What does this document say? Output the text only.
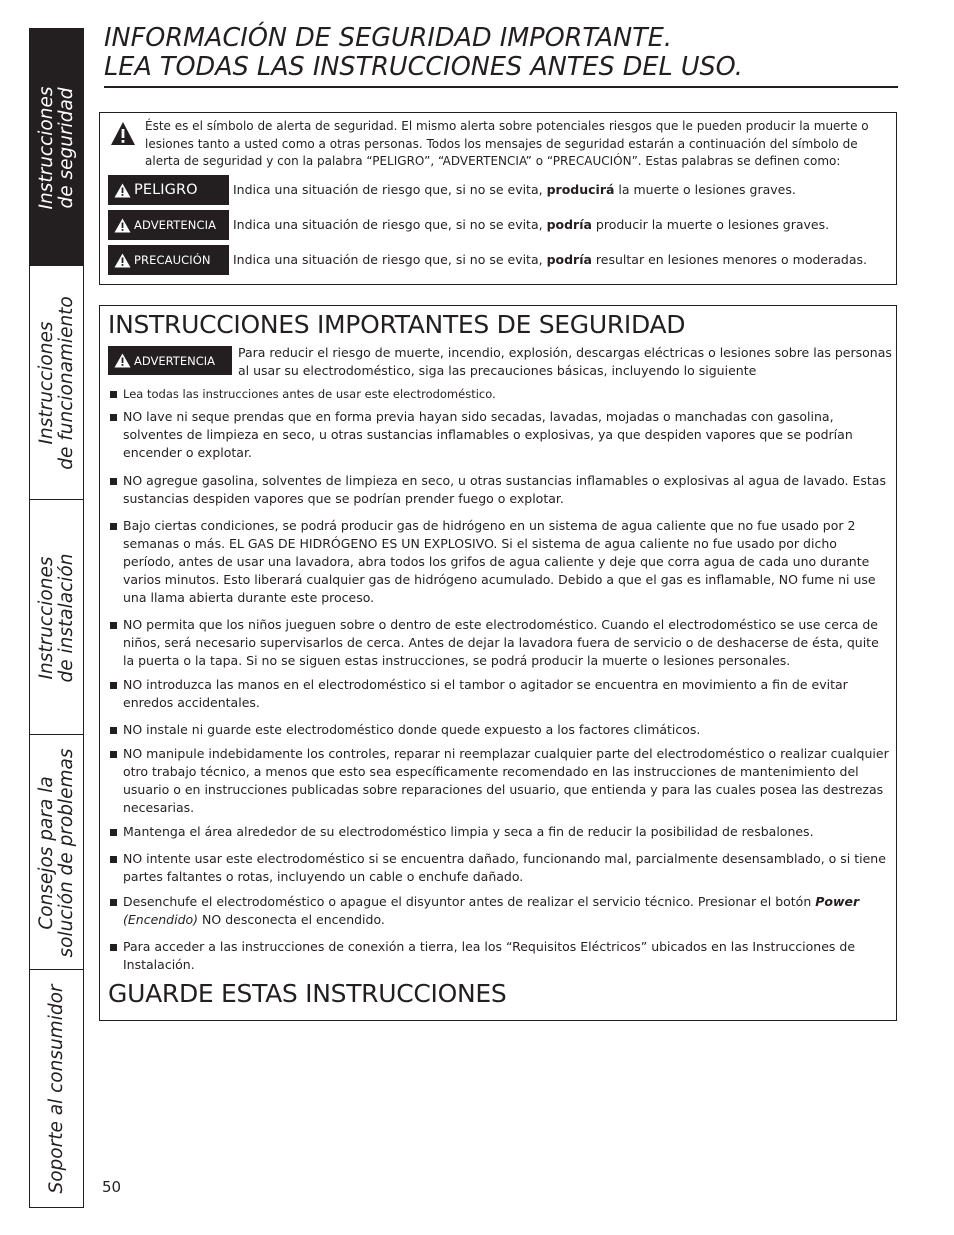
Instrucciones de seguridad
Instrucciones de funcionamiento
Instrucciones de instalación
Consejos para la solución de problemas
Soporte al consumidor
INFORMACIÓN DE SEGURIDAD IMPORTANTE.
LEA TODAS LAS INSTRUCCIONES ANTES DEL USO.
Éste es el símbolo de alerta de seguridad. El mismo alerta sobre potenciales riesgos que le pueden producir la muerte o lesiones tanto a usted como a otras personas. Todos los mensajes de seguridad estarán a continuación del símbolo de alerta de seguridad y con la palabra “PELIGRO”, “ADVERTENCIA” o “PRECAUCIÓN”. Estas palabras se definen como:
PELIGRO	Indica una situación de riesgo que, si no se evita, producirá la muerte o lesiones graves.
ADVERTENCIA Indica una situación de riesgo que, si no se evita, podría producir la muerte o lesiones graves.
PRECAUCIÓN Indica una situación de riesgo que, si no se evita, podría resultar en lesiones menores o moderadas.
INSTRUCCIONES IMPORTANTES DE SEGURIDAD
ADVERTENCIA
Para reducir el riesgo de muerte, incendio, explosión, descargas eléctricas o lesiones sobre las personas al usar su electrodoméstico, siga las precauciones básicas, incluyendo lo siguiente
Lea todas las instrucciones antes de usar este electrodoméstico.
NO lave ni seque prendas que en forma previa hayan sido secadas, lavadas, mojadas o manchadas con gasolina, solventes de limpieza en seco, u otras sustancias inflamables o explosivas, ya que despiden vapores que se podrían encender o explotar.
NO agregue gasolina, solventes de limpieza en seco, u otras sustancias inflamables o explosivas al agua de lavado. Estas sustancias despiden vapores que se podrían prender fuego o explotar.
Bajo ciertas condiciones, se podrá producir gas de hidrógeno en un sistema de agua caliente que no fue usado por 2 semanas o más. EL GAS DE HIDRÓGENO ES UN EXPLOSIVO. Si el sistema de agua caliente no fue usado por dicho período, antes de usar una lavadora, abra todos los grifos de agua caliente y deje que corra agua de cada uno durante varios minutos. Esto liberará cualquier gas de hidrógeno acumulado. Debido a que el gas es inflamable, NO fume ni use una llama abierta durante este proceso.
NO permita que los niños jueguen sobre o dentro de este electrodoméstico. Cuando el electrodoméstico se use cerca de niños, será necesario supervisarlos de cerca. Antes de dejar la lavadora fuera de servicio o de deshacerse de ésta, quite la puerta o la tapa. Si no se siguen estas instrucciones, se podrá producir la muerte o lesiones personales.
NO introduzca las manos en el electrodoméstico si el tambor o agitador se encuentra en movimiento a fin de evitar enredos accidentales.
NO instale ni guarde este electrodoméstico donde quede expuesto a los factores climáticos.
NO manipule indebidamente los controles, reparar ni reemplazar cualquier parte del electrodoméstico o realizar cualquier otro trabajo técnico, a menos que esto sea específicamente recomendado en las instrucciones de mantenimiento del usuario o en instrucciones publicadas sobre reparaciones del usuario, que entienda y para las cuales posea las destrezas necesarias.
Mantenga el área alrededor de su electrodoméstico limpia y seca a fin de reducir la posibilidad de resbalones.
NO intente usar este electrodoméstico si se encuentra dañado, funcionando mal, parcialmente desensamblado, o si tiene partes faltantes o rotas, incluyendo un cable o enchufe dañado.
Desenchufe el electrodoméstico o apague el disyuntor antes de realizar el servicio técnico. Presionar el botón Power (Encendido) NO desconecta el encendido.
Para acceder a las instrucciones de conexión a tierra, lea los “Requisitos Eléctricos” ubicados en las Instrucciones de Instalación.
GUARDE ESTAS INSTRUCCIONES
50
